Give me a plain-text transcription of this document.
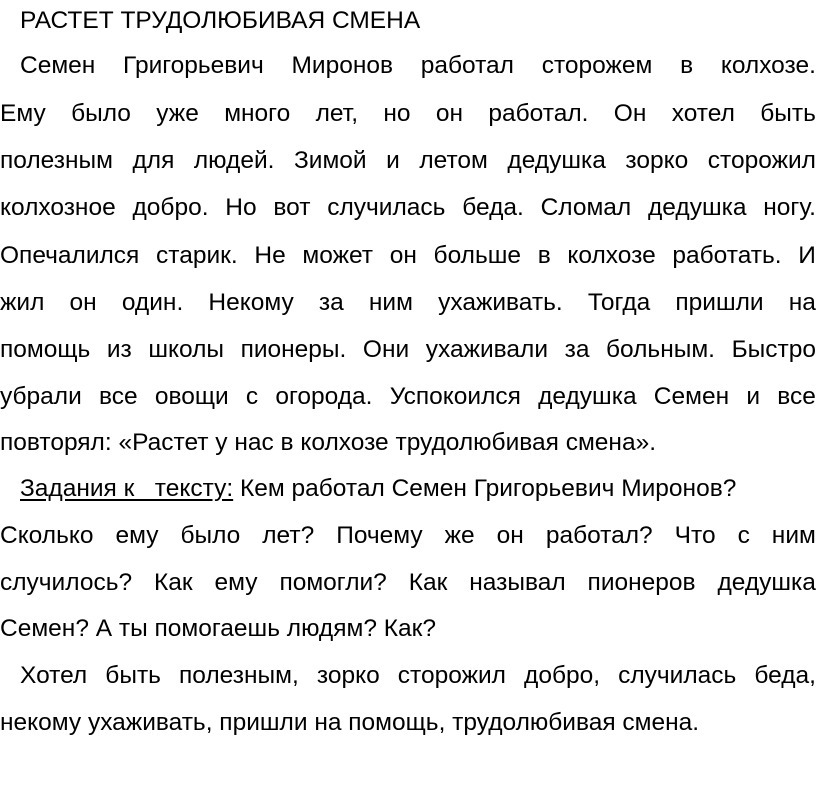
РАСТЕТ ТРУДОЛЮБИВАЯ СМЕНА
Семен Григорьевич Миронов работал сторожем в колхозе.
Ему было уже много лет, но он работал. Он хотел быть
полезным для людей. Зимой и летом дедушка зорко сторожил
колхозное добро. Но вот случилась беда. Сломал дедушка ногу.
Опечалился старик. Не может он больше в колхозе работать. И
жил он один. Некому за ним ухаживать. Тогда пришли на
помощь из школы пионеры. Они ухаживали за больным. Быстро
убрали все овощи с огорода. Успокоился дедушка Семен и все
повторял: «Растет у нас в колхозе трудолюбивая смена».
Задания к   тексту:
Кем работал Семен Григорьевич Миронов?
Сколько ему было лет? Почему же он работал? Что с ним
случилось? Как ему помогли? Как называл пионеров дедушка
Семен? А ты помогаешь людям? Как?
Хотел быть полезным, зорко сторожил добро, случилась беда,
некому ухаживать, пришли на помощь, трудолюбивая смена.
